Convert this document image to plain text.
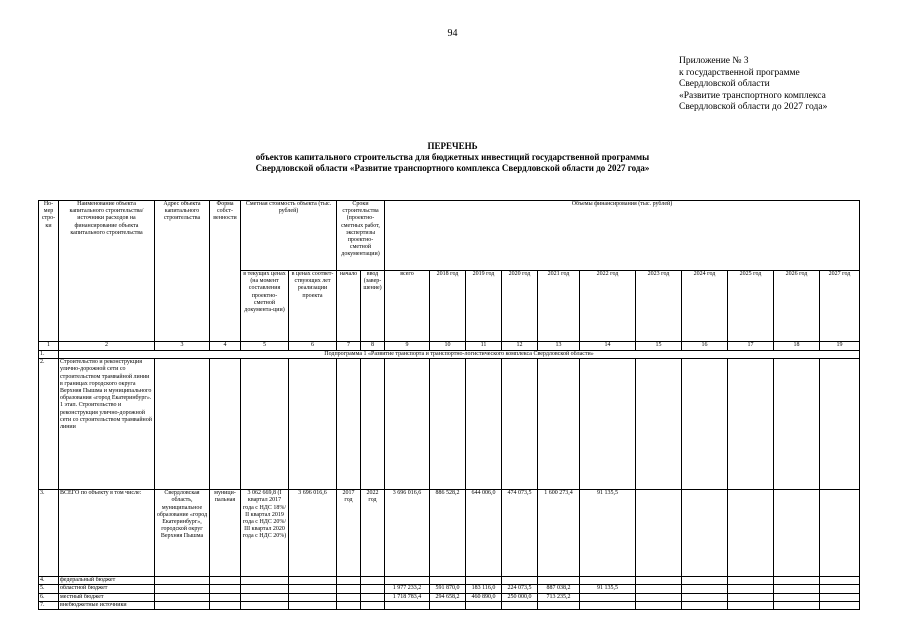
94
Приложение № 3
к государственной программе
Свердловской области
«Развитие транспортного комплекса
Свердловской области до 2027 года»
ПЕРЕЧЕНЬ
объектов капитального строительства для бюджетных инвестиций государственной программы
Свердловской области «Развитие транспортного комплекса Свердловской области до 2027 года»
Но-мер стро-ки	Наименование объекта капитального строительства/источники расходов на финансирование объекта капитального строительства	Адрес объекта капитального строительства	Форма собст-венности	Сметная стоимость объекта (тыс. рублей)		Сроки строительства (проектно-сметных работ, экспертизы проектно-сметной документации)		Объемы финансирования (тыс. рублей)										
				в текущих ценах (на момент составления проектно-сметной документа-ции)	в ценах соответ-ствующих лет реализации проекта	начало	ввод (завер-шение)	всего	2018 год	2019 год	2020 год	2021 год	2022 год	2023 год	2024 год	2025 год	2026 год	2027 год
1	2	3	4	5	6	7	8	9	10	11	12	13	14	15	16	17	18	19
1.	Подпрограмма 1 «Развитие транспорта и транспортно-логистического комплекса Свердловской области»																	
2.	Строительство и реконструкция улично-дорожной сети со строительством трамвайной линии в границах городского округа Верхняя Пышма и муниципального образования «город Екатеринбург». 1 этап. Строительство и реконструкция улично-дорожной сети со строительством трамвайной линии																	
3.	ВСЕГО по объекту в том числе:	Свердловская область, муниципальное образование «город Екатеринбург», городской округ Верхняя Пышма	муници-пальная	3 062 669,8 (I квартал 2017 года с НДС 18%/ II квартал 2019 года с НДС 20%/ III квартал 2020 года с НДС 20%)	3 696 016,6	2017 год	2022 год	3 696 016,6	886 528,2	644 006,0	474 073,5	1 600 273,4	91 135,5					
4.	федеральный бюджет																	
5.	областной бюджет							1 977 233,2	591 870,0	183 116,0	224 073,5	887 038,2	91 135,5					
6.	местный бюджет							1 718 783,4	294 658,2	460 890,0	250 000,0	713 235,2						
7.	внебюджетные источники																	
